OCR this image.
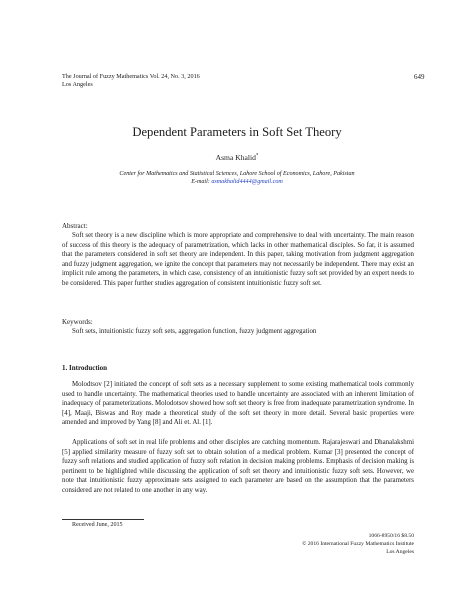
The Journal of Fuzzy Mathematics Vol. 24, No. 3, 2016
Los Angeles
649
Dependent Parameters in Soft Set Theory
Asma Khalid*
Center for Mathematics and Statistical Sciences, Lahore School of Economics, Lahore, Pakistan
E-mail: asmakhalid4444@gmail.com
Abstract:
Soft set theory is a new discipline which is more appropriate and comprehensive to deal with uncertainty. The main reason of success of this theory is the adequacy of parametrization, which lacks in other mathematical disciples. So far, it is assumed that the parameters considered in soft set theory are independent. In this paper, taking motivation from judgment aggregation and fuzzy judgment aggregation, we ignite the concept that parameters may not necessarily be independent. There may exist an implicit rule among the parameters, in which case, consistency of an intuitionistic fuzzy soft set provided by an expert needs to be considered. This paper further studies aggregation of consistent intuitionistic fuzzy soft set.
Keywords:
Soft sets, intuitionistic fuzzy soft sets, aggregation function, fuzzy judgment aggregation
1. Introduction
Molodtsov [2] initiated the concept of soft sets as a necessary supplement to some existing mathematical tools commonly used to handle uncertainty. The mathematical theories used to handle uncertainty are associated with an inherent limitation of inadequacy of parameterizations. Molodotsov showed how soft set theory is free from inadequate parametrization syndrome. In [4], Maaji, Biswas and Roy made a theoretical study of the soft set theory in more detail. Several basic properties were amended and improved by Yang [8] and Ali et. Al. [1].
Applications of soft set in real life problems and other disciples are catching momentum. Rajarajeswari and Dhanalakshmi [5] applied similarity measure of fuzzy soft set to obtain solution of a medical problem. Kumar [3] presented the concept of fuzzy soft relations and studied application of fuzzy soft relation in decision making problems. Emphasis of decision making is pertinent to be highlighted while discussing the application of soft set theory and intuitionistic fuzzy soft sets. However, we note that intuitionistic fuzzy approximate sets assigned to each parameter are based on the assumption that the parameters considered are not related to one another in any way.
Received June, 2015
1066-8950/16 $8.50
© 2016 International Fuzzy Mathematics Institute
Los Angeles
